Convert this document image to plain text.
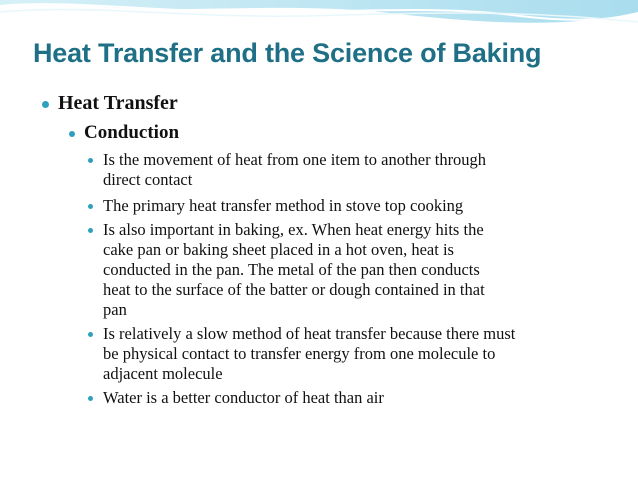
Heat Transfer and the Science of Baking

Heat Transfer

Conduction

Is the movement of heat from one item to another through

direct contact

The primary heat transfer method in stove top cooking

Is also important in baking, ex. When heat energy hits the

cake pan or baking sheet placed in a hot oven, heat is

conducted in the pan. The metal of the pan then conducts

heat to the surface of the batter or dough contained in that

pan

Is relatively a slow method of heat transfer because there must

be physical contact to transfer energy from one molecule to

adjacent molecule

Water is a better conductor of heat than air
